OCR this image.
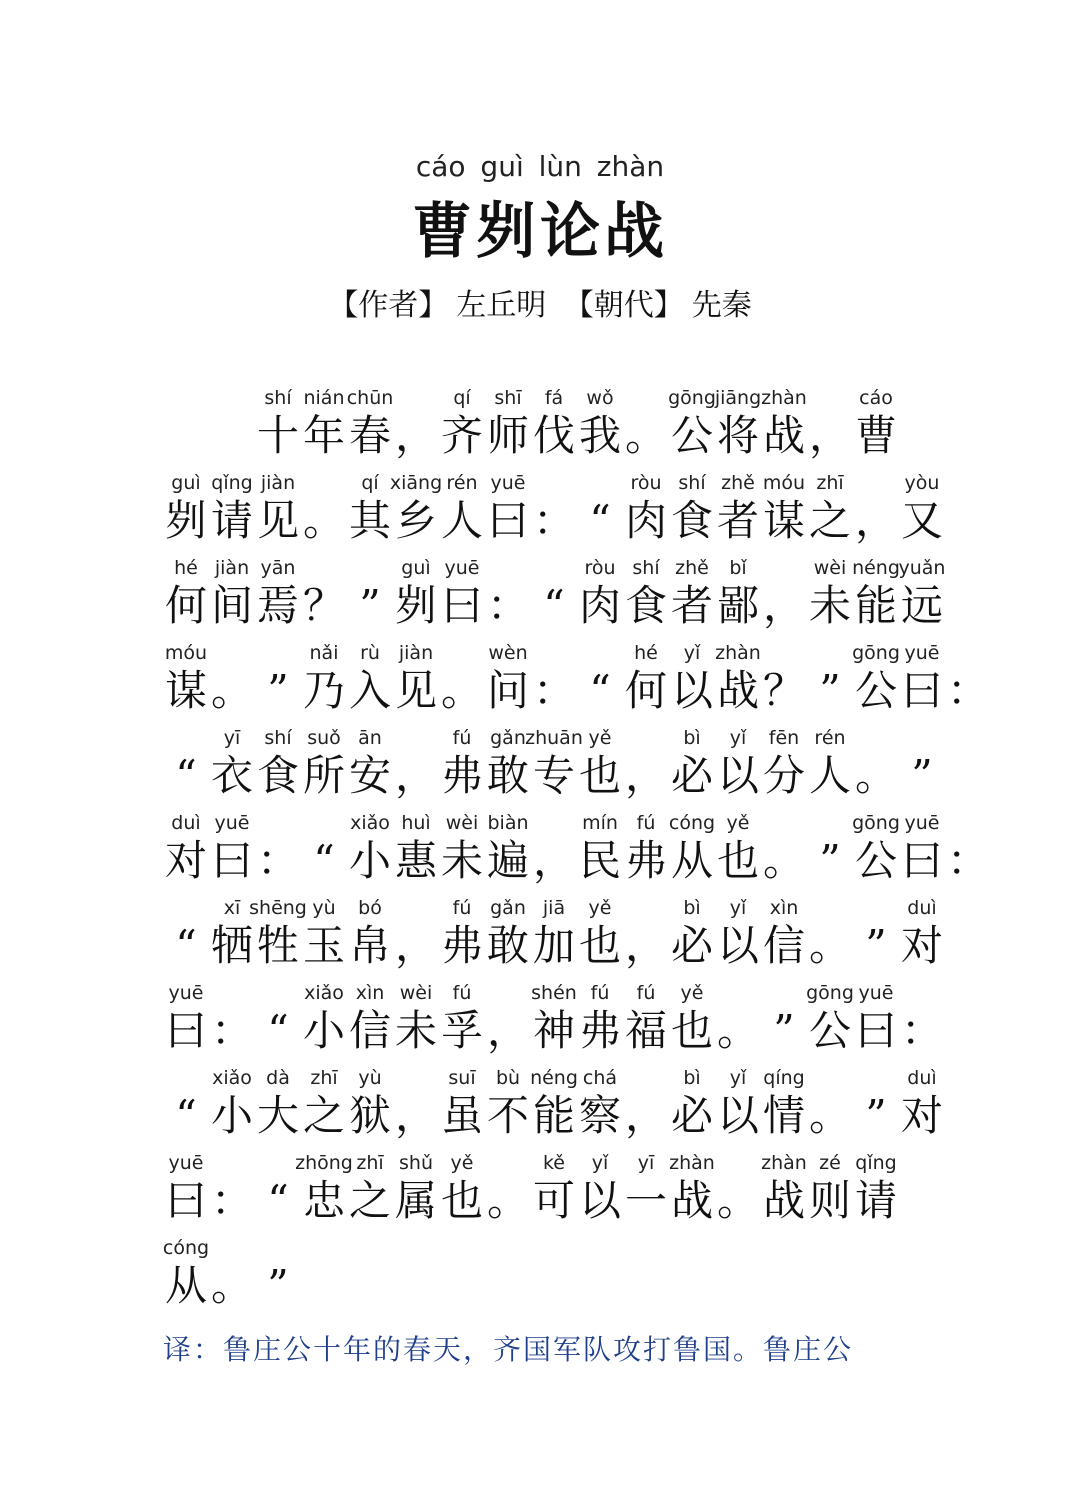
cáo guì lùn zhàn
曹刿论战
【作者】 左丘明 【朝代】 先秦
shí
十
nián
年
chūn
春 ，
qí
齐
shī
师
fá
伐
wǒ
我 。
gōng
公
jiāng
将
zhàn
战 ，
cáo
曹
guì
刿
qǐng
请
jiàn
见 。
qí
其
xiāng
乡
rén
人
yuē
曰 ： “
ròu
肉
shí
食
zhě
者
móu
谋
zhī
之 ，
yòu
又
hé
何
jiàn
间
yān
焉 ？ ”
guì
刿
yuē
曰 ： “
ròu
肉
shí
食
zhě
者
bǐ
鄙 ，
wèi
未
néng
能
yuǎn
远
móu
谋 。 ”
nǎi
乃
rù
入
jiàn
见 。
wèn
问 ： “
hé
何
yǐ
以
zhàn
战 ？ ”
gōng
公
yuē
曰 ：
“
yī
衣
shí
食
suǒ
所
ān
安 ，
fú
弗
gǎn
敢
zhuān
专
yě
也 ，
bì
必
yǐ
以
fēn
分
rén
人 。 ”
duì
对
yuē
曰 ： “
xiǎo
小
huì
惠
wèi
未
biàn
遍 ，
mín
民
fú
弗
cóng
从
yě
也 。 ”
gōng
公
yuē
曰 ：
“
xī
牺
shēng
牲
yù
玉
bó
帛 ，
fú
弗
gǎn
敢
jiā
加
yě
也 ，
bì
必
yǐ
以
xìn
信 。 ”
duì
对
yuē
曰 ： “
xiǎo
小
xìn
信
wèi
未
fú
孚 ，
shén
神
fú
弗
fú
福
yě
也 。 ”
gōng
公
yuē
曰 ：
“
xiǎo
小
dà
大
zhī
之
yù
狱 ，
suī
虽
bù
不
néng
能
chá
察 ，
bì
必
yǐ
以
qíng
情 。 ”
duì
对
yuē
曰 ： “
zhōng
忠
zhī
之
shǔ
属
yě
也 。
kě
可
yǐ
以
yī
一
zhàn
战 。
zhàn
战
zé
则
qǐng
请
cóng
从 。 ”
译：鲁庄公十年的春天，齐国军队攻打鲁国。鲁庄公
